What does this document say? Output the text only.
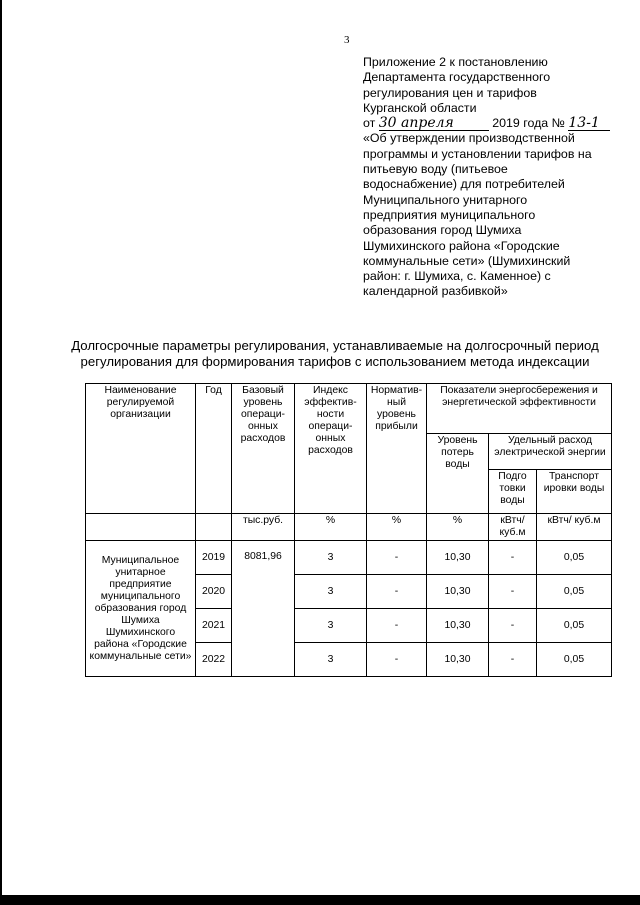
3
Приложение 2 к постановлению
Департамента государственного
регулирования цен и тарифов
Курганской области
от 30 апреля	2019 года № 13-1
«Об утверждении производственной
программы и установлении тарифов на
питьевую воду (питьевое
водоснабжение) для потребителей
Муниципального унитарного
предприятия муниципального
образования город Шумиха
Шумихинского района «Городские
коммунальные сети» (Шумихинский
район: г. Шумиха, с. Каменное) с
календарной разбивкой»
Долгосрочные параметры регулирования, устанавливаемые на долгосрочный период
регулирования для формирования тарифов с использованием метода индексации
Наименование регулируемой организации	Год	Базовый уровень операци-онных расходов	Индекс эффектив-ности операци-онных расходов	Норматив-ный уровень прибыли	Показатели энергосбережения и энергетической эффективности		
					Уровень потерь воды	Удельный расход электрической энергии	
						Подго товки воды	Транспорт ировки воды
		тыс.руб.	%	%	%	кВтч/ куб.м	кВтч/ куб.м
Муниципальное унитарное предприятие муниципального образования город Шумиха Шумихинского района «Городские коммунальные сети»	2019	8081,96	3	-	10,30	-	0,05
	2020		3	-	10,30	-	0,05
	2021		3	-	10,30	-	0,05
	2022		3	-	10,30	-	0,05
